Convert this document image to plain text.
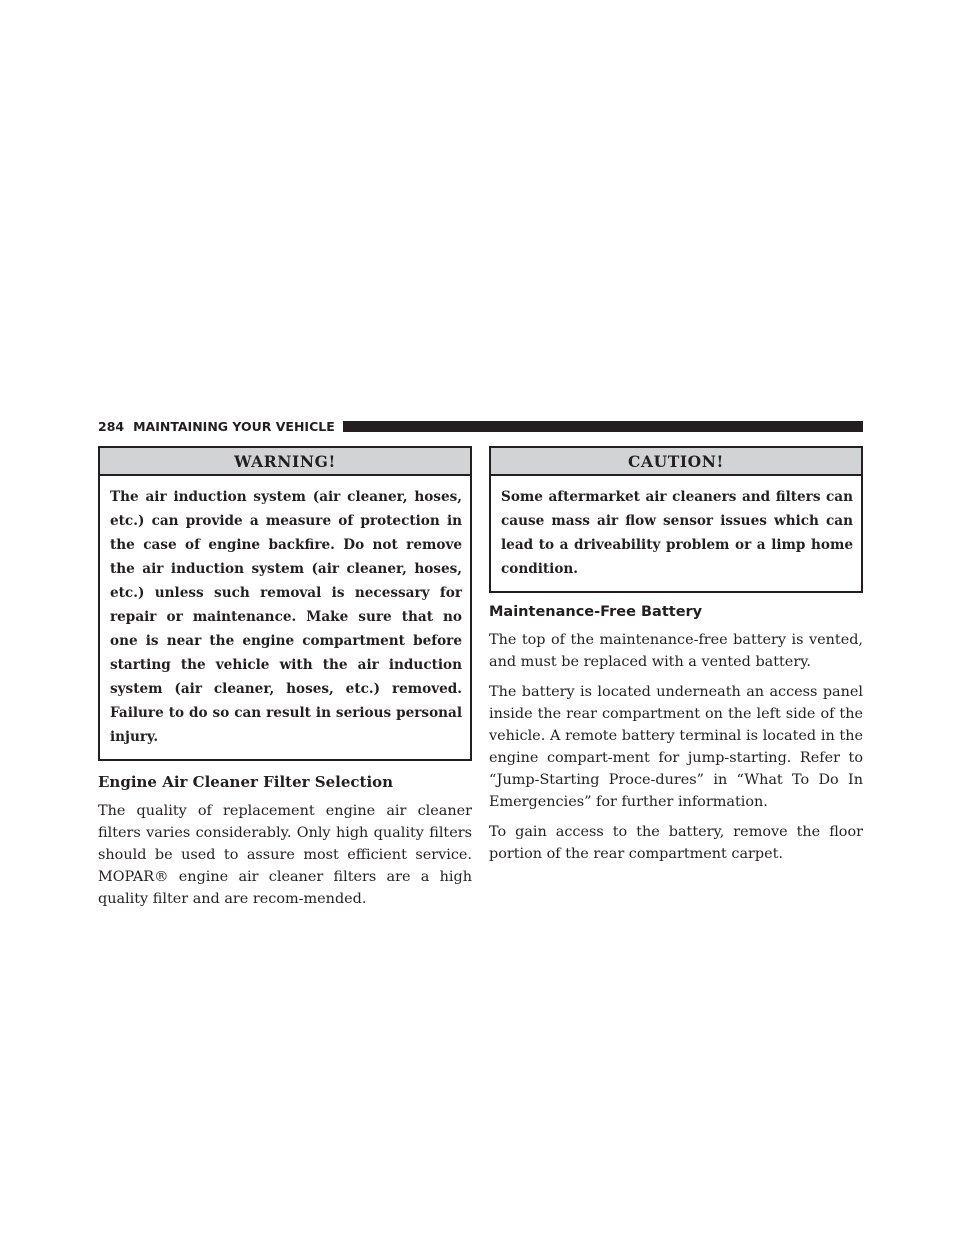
284 MAINTAINING YOUR VEHICLE
WARNING!
The air induction system (air cleaner, hoses, etc.) can provide a measure of protection in the case of engine backfire. Do not remove the air induction system (air cleaner, hoses, etc.) unless such removal is necessary for repair or maintenance. Make sure that no one is near the engine compartment before starting the vehicle with the air induction system (air cleaner, hoses, etc.) removed. Failure to do so can result in serious personal injury.
Engine Air Cleaner Filter Selection

The quality of replacement engine air cleaner filters varies considerably. Only high quality filters should be used to assure most efficient service. MOPAR® engine air cleaner filters are a high quality filter and are recom-mended.

CAUTION!
Some aftermarket air cleaners and filters can cause mass air flow sensor issues which can lead to a driveability problem or a limp home condition.
Maintenance-Free Battery

The top of the maintenance-free battery is vented, and must be replaced with a vented battery.

The battery is located underneath an access panel inside the rear compartment on the left side of the vehicle. A remote battery terminal is located in the engine compart-ment for jump-starting. Refer to “Jump-Starting Proce-dures” in “What To Do In Emergencies” for further information.

To gain access to the battery, remove the floor portion of the rear compartment carpet.
